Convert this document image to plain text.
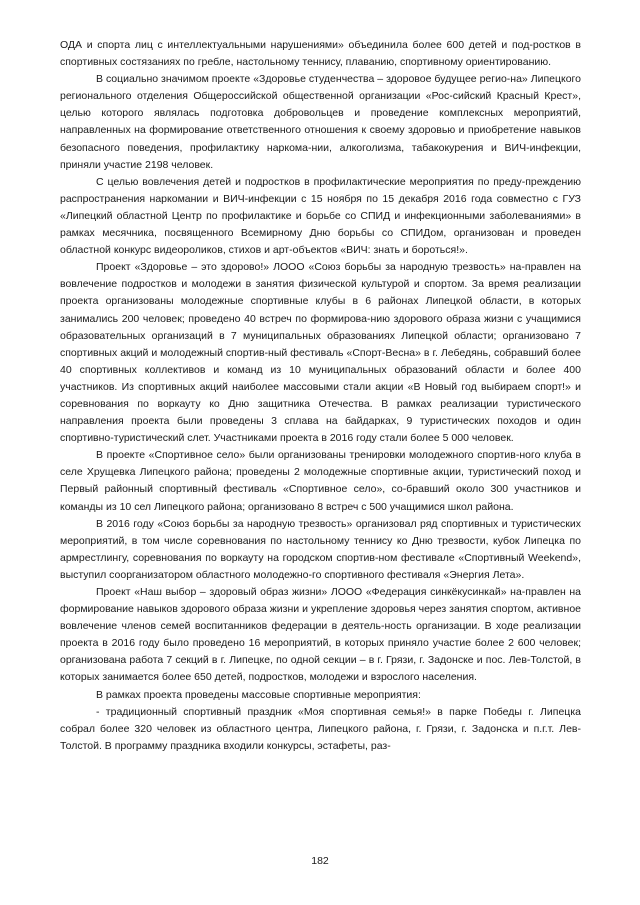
ОДА и спорта лиц с интеллектуальными нарушениями» объединила более 600 детей и под-ростков в спортивных состязаниях по гребле, настольному теннису, плаванию, спортивному ориентированию.

В социально значимом проекте «Здоровье студенчества – здоровое будущее регио-на» Липецкого регионального отделения Общероссийской общественной организации «Рос-сийский Красный Крест», целью которого являлась подготовка добровольцев и проведение комплексных мероприятий, направленных на формирование ответственного отношения к своему здоровью и приобретение навыков безопасного поведения, профилактику наркома-нии, алкоголизма, табакокурения и ВИЧ-инфекции, приняли участие 2198 человек.

С целью вовлечения детей и подростков в профилактические мероприятия по преду-преждению распространения наркомании и ВИЧ-инфекции с 15 ноября по 15 декабря 2016 года совместно с ГУЗ «Липецкий областной Центр по профилактике и борьбе со СПИД и инфекционными заболеваниями» в рамках месячника, посвященного Всемирному Дню борьбы со СПИДом, организован и проведен областной конкурс видеороликов, стихов и арт-объектов «ВИЧ: знать и бороться!».

Проект «Здоровье – это здорово!» ЛООО «Союз борьбы за народную трезвость» на-правлен на вовлечение подростков и молодежи в занятия физической культурой и спортом. За время реализации проекта организованы молодежные спортивные клубы в 6 районах Липецкой области, в которых занимались 200 человек; проведено 40 встреч по формирова-нию здорового образа жизни с учащимися образовательных организаций в 7 муниципальных образованиях Липецкой области; организовано 7 спортивных акций и молодежный спортив-ный фестиваль «Спорт-Весна» в г. Лебедянь, собравший более 40 спортивных коллективов и команд из 10 муниципальных образований области и более 400 участников. Из спортивных акций наиболее массовыми стали акции «В Новый год выбираем спорт!» и соревнования по воркауту ко Дню защитника Отечества. В рамках реализации туристического направления проекта были проведены 3 сплава на байдарках, 9 туристических походов и один спортивно-туристический слет. Участниками проекта в 2016 году стали более 5 000 человек.

В проекте «Спортивное село» были организованы тренировки молодежного спортив-ного клуба в селе Хрущевка Липецкого района; проведены 2 молодежные спортивные акции, туристический поход и Первый районный спортивный фестиваль «Спортивное село», со-бравший около 300 участников и команды из 10 сел Липецкого района; организовано 8 встреч с 500 учащимися школ района.

В 2016 году «Союз борьбы за народную трезвость» организовал ряд спортивных и туристических мероприятий, в том числе соревнования по настольному теннису ко Дню трезвости, кубок Липецка по армрестлингу, соревнования по воркауту на городском спортив-ном фестивале «Спортивный Weekend», выступил соорганизатором областного молодежно-го спортивного фестиваля «Энергия Лета».

Проект «Наш выбор – здоровый образ жизни» ЛООО «Федерация синкёкусинкай» на-правлен на формирование навыков здорового образа жизни и укрепление здоровья через занятия спортом, активное вовлечение членов семей воспитанников федерации в деятель-ность организации. В ходе реализации проекта в 2016 году было проведено 16 мероприятий, в которых приняло участие более 2 600 человек; организована работа 7 секций в г. Липецке, по одной секции – в г. Грязи, г. Задонске и пос. Лев-Толстой, в которых занимается более 650 детей, подростков, молодежи и взрослого населения.

В рамках проекта проведены массовые спортивные мероприятия:

- традиционный спортивный праздник «Моя спортивная семья!» в парке Победы г. Липецка собрал более 320 человек из областного центра, Липецкого района, г. Грязи, г. Задонска и п.г.т. Лев-Толстой. В программу праздника входили конкурсы, эстафеты, раз-

182
